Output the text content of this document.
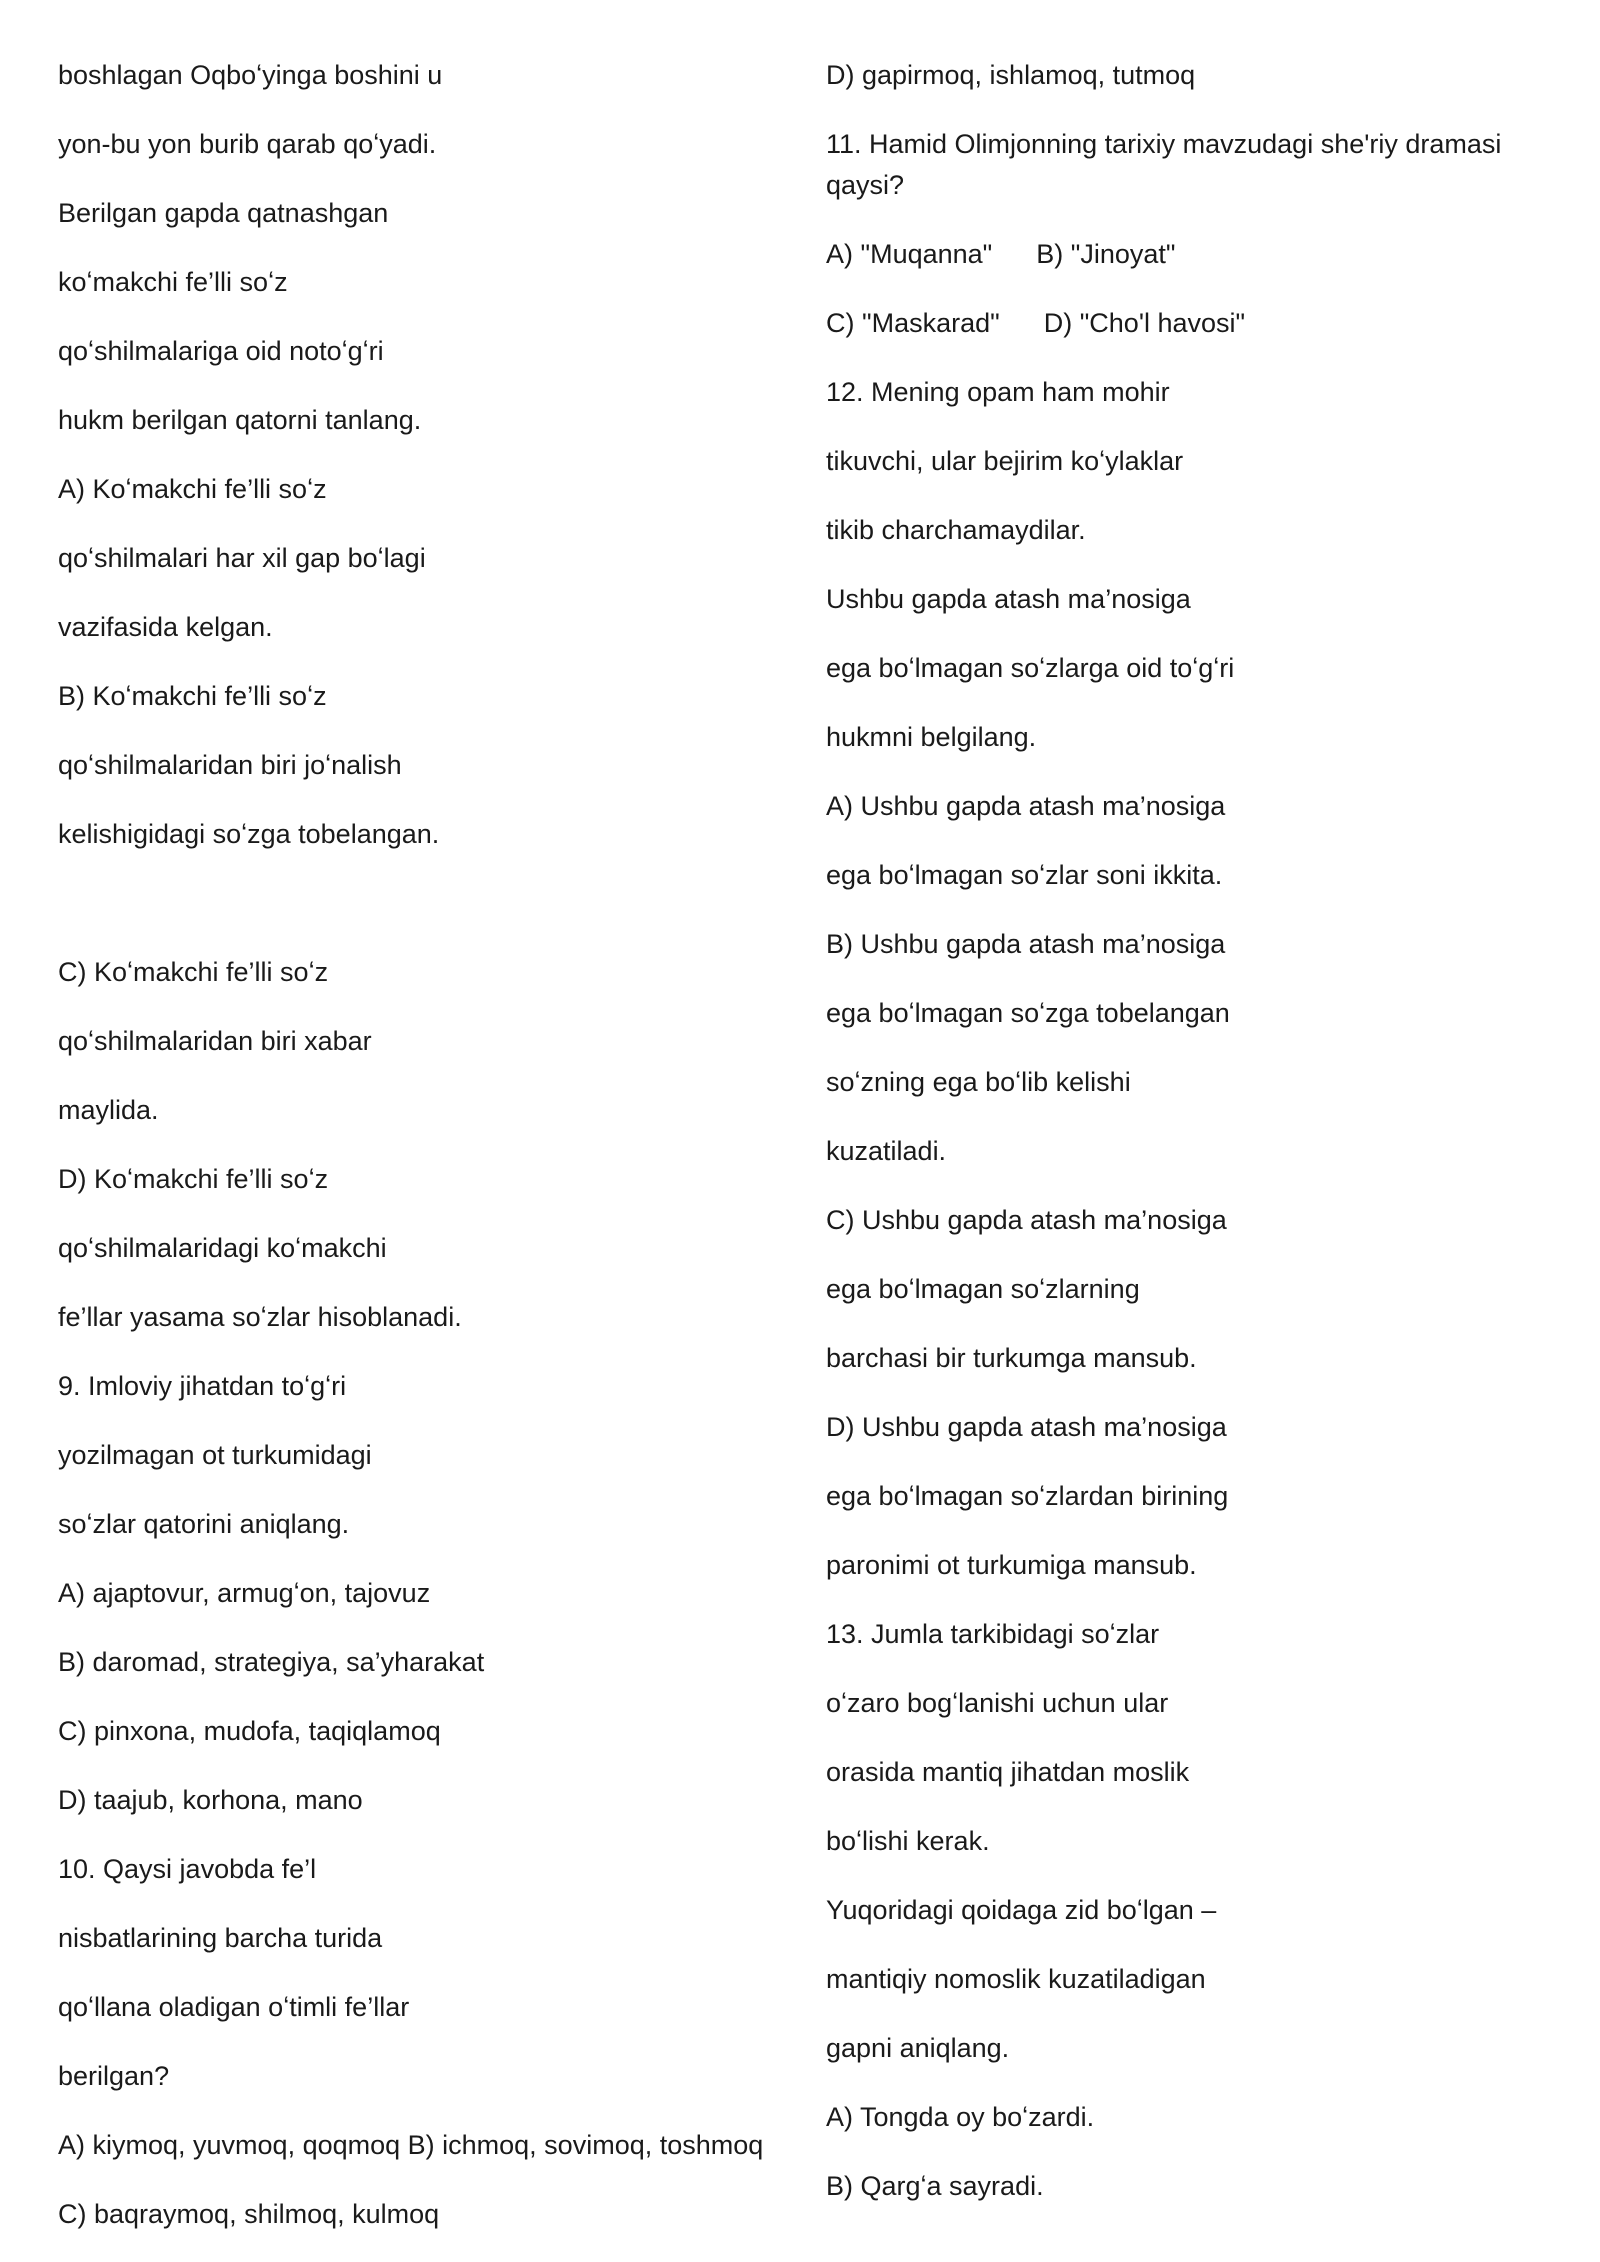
boshlagan Oqboʻyinga boshini u

yon-bu yon burib qarab qoʻyadi.

Berilgan gapda qatnashgan

koʻmakchi fe’lli soʻz

qoʻshilmalariga oid notoʻgʻri

hukm berilgan qatorni tanlang.

A) Koʻmakchi fe’lli soʻz

qoʻshilmalari har xil gap boʻlagi

vazifasida kelgan.

B) Koʻmakchi fe’lli soʻz

qoʻshilmalaridan biri joʻnalish

kelishigidagi soʻzga tobelangan.

C) Koʻmakchi fe’lli soʻz

qoʻshilmalaridan biri xabar

maylida.

D) Koʻmakchi fe’lli soʻz

qoʻshilmalaridagi koʻmakchi

fe’llar yasama soʻzlar hisoblanadi.

9. Imloviy jihatdan toʻgʻri

yozilmagan ot turkumidagi

soʻzlar qatorini aniqlang.

A) ajaptovur, armugʻon, tajovuz

B) daromad, strategiya, sa’yharakat

C) pinxona, mudofa, taqiqlamoq

D) taajub, korhona, mano

10. Qaysi javobda fe’l

nisbatlarining barcha turida

qoʻllana oladigan oʻtimli fe’llar

berilgan?

A) kiymoq, yuvmoq, qoqmoq B) ichmoq, sovimoq, toshmoq

C) baqraymoq, shilmoq, kulmoq

D) gapirmoq, ishlamoq, tutmoq

11. Hamid Olimjonning tarixiy mavzudagi she'riy dramasi qaysi?

A) "Muqanna" B) "Jinoyat"

C) "Maskarad" D) "Cho'l havosi"

12. Mening opam ham mohir

tikuvchi, ular bejirim koʻylaklar

tikib charchamaydilar.

Ushbu gapda atash ma’nosiga

ega boʻlmagan soʻzlarga oid toʻgʻri

hukmni belgilang.

A) Ushbu gapda atash ma’nosiga

ega boʻlmagan soʻzlar soni ikkita.

B) Ushbu gapda atash ma’nosiga

ega boʻlmagan soʻzga tobelangan

soʻzning ega boʻlib kelishi

kuzatiladi.

C) Ushbu gapda atash ma’nosiga

ega boʻlmagan soʻzlarning

barchasi bir turkumga mansub.

D) Ushbu gapda atash ma’nosiga

ega boʻlmagan soʻzlardan birining

paronimi ot turkumiga mansub.

13. Jumla tarkibidagi soʻzlar

oʻzaro bogʻlanishi uchun ular

orasida mantiq jihatdan moslik

boʻlishi kerak.

Yuqoridagi qoidaga zid boʻlgan –

mantiqiy nomoslik kuzatiladigan

gapni aniqlang.

A) Tongda oy boʻzardi.

B) Qargʻa sayradi.
